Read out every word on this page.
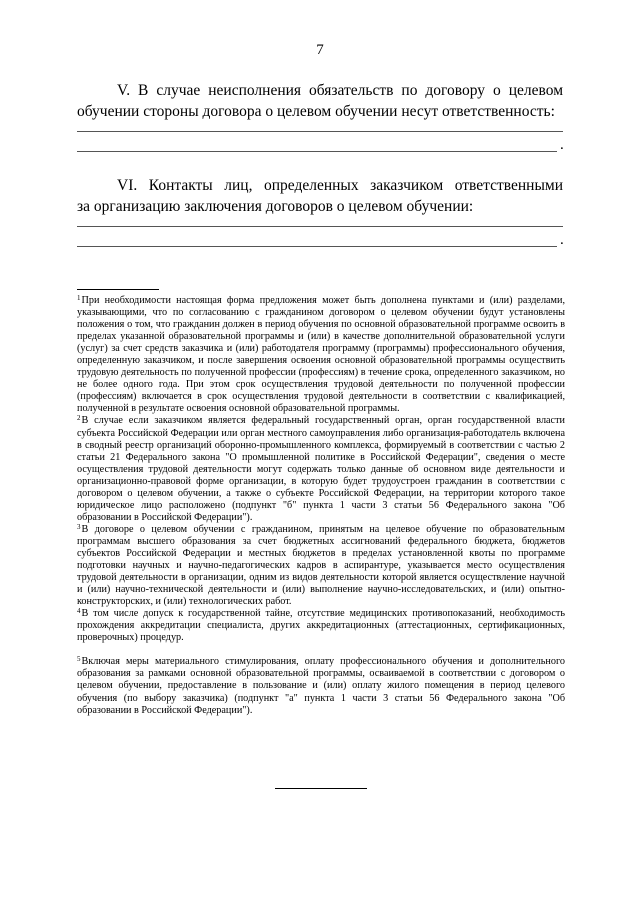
7
V. В случае неисполнения обязательств по договору о целевом
обучении стороны договора о целевом обучении несут ответственность:
.
VI. Контакты лиц, определенных заказчиком ответственными
за организацию заключения договоров о целевом обучении:
.

$^1$При необходимости настоящая форма предложения может быть дополнена пунктами и (или) разделами, указывающими, что по согласованию с гражданином договором о целевом обучении будут установлены положения о том, что гражданин должен в период обучения по основной образовательной программе освоить в пределах указанной образовательной программы и (или) в качестве дополнительной образовательной услуги (услуг) за счет средств заказчика и (или) работодателя программу (программы) профессионального обучения, определенную заказчиком, и после завершения освоения основной образовательной программы осуществить трудовую деятельность по полученной профессии (профессиям) в течение срока, определенного заказчиком, но не более одного года. При этом срок осуществления трудовой деятельности по полученной профессии (профессиям) включается в срок осуществления трудовой деятельности в соответствии с квалификацией, полученной в результате освоения основной образовательной программы.

$^2$В случае если заказчиком является федеральный государственный орган, орган государственной власти субъекта Российской Федерации или орган местного самоуправления либо организация-работодатель включена в сводный реестр организаций оборонно-промышленного комплекса, формируемый в соответствии с частью 2 статьи 21 Федерального закона "О промышленной политике в Российской Федерации", сведения о месте осуществления трудовой деятельности могут содержать только данные об основном виде деятельности и организационно-правовой форме организации, в которую будет трудоустроен гражданин в соответствии с договором о целевом обучении, а также о субъекте Российской Федерации, на территории которого такое юридическое лицо расположено (подпункт "б" пункта 1 части 3 статьи 56 Федерального закона "Об образовании в Российской Федерации").

$^3$В договоре о целевом обучении с гражданином, принятым на целевое обучение по образовательным программам высшего образования за счет бюджетных ассигнований федерального бюджета, бюджетов субъектов Российской Федерации и местных бюджетов в пределах установленной квоты по программе подготовки научных и научно-педагогических кадров в аспирантуре, указывается место осуществления трудовой деятельности в организации, одним из видов деятельности которой является осуществление научной и (или) научно-технической деятельности и (или) выполнение научно-исследовательских, и (или) опытно-конструкторских, и (или) технологических работ.

$^4$В том числе допуск к государственной тайне, отсутствие медицинских противопоказаний, необходимость прохождения аккредитации специалиста, других аккредитационных (аттестационных, сертификационных, проверочных) процедур.

$^5$Включая меры материального стимулирования, оплату профессионального обучения и дополнительного образования за рамками основной образовательной программы, осваиваемой в соответствии с договором о целевом обучении, предоставление в пользование и (или) оплату жилого помещения в период целевого обучения (по выбору заказчика) (подпункт "а" пункта 1 части 3 статьи 56 Федерального закона "Об образовании в Российской Федерации").
